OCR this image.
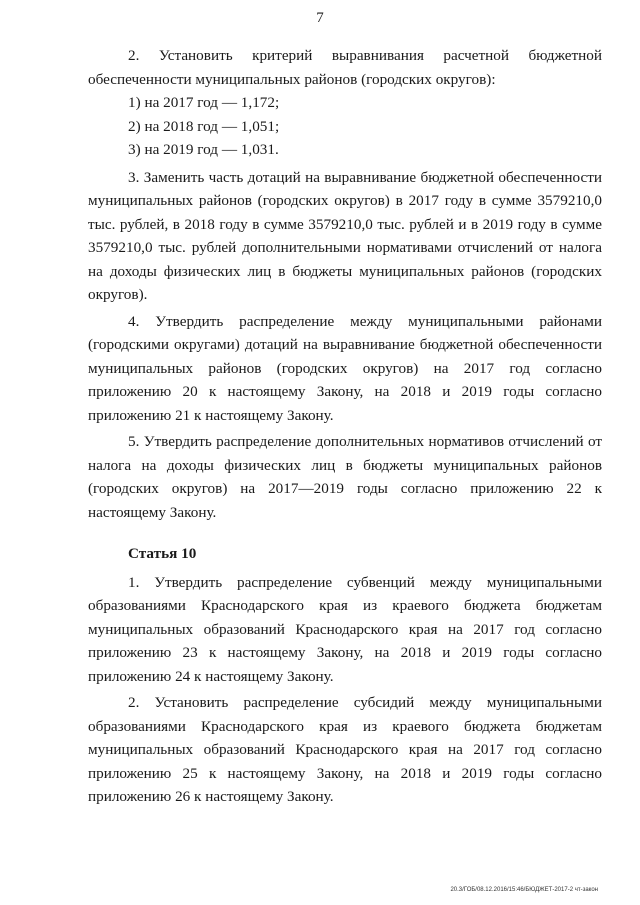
7

2. Установить критерий выравнивания расчетной бюджетной обеспеченности муниципальных районов (городских округов):

1) на 2017 год — 1,172;

2) на 2018 год — 1,051;

3) на 2019 год — 1,031.

3. Заменить часть дотаций на выравнивание бюджетной обеспеченности муниципальных районов (городских округов) в 2017 году в сумме 3579210,0 тыс. рублей, в 2018 году в сумме 3579210,0 тыс. рублей и в 2019 году в сумме 3579210,0 тыс. рублей дополнительными нормативами отчислений от налога на доходы физических лиц в бюджеты муниципальных районов (городских округов).

4. Утвердить распределение между муниципальными районами (городскими округами) дотаций на выравнивание бюджетной обеспеченности муниципальных районов (городских округов) на 2017 год согласно приложению 20 к настоящему Закону, на 2018 и 2019 годы согласно приложению 21 к настоящему Закону.

5. Утвердить распределение дополнительных нормативов отчислений от налога на доходы физических лиц в бюджеты муниципальных районов (городских округов) на 2017—2019 годы согласно приложению 22 к настоящему Закону.

Статья 10

1. Утвердить распределение субвенций между муниципальными образованиями Краснодарского края из краевого бюджета бюджетам муниципальных образований Краснодарского края на 2017 год согласно приложению 23 к настоящему Закону, на 2018 и 2019 годы согласно приложению 24 к настоящему Закону.

2. Установить распределение субсидий между муниципальными образованиями Краснодарского края из краевого бюджета бюджетам муниципальных образований Краснодарского края на 2017 год согласно приложению 25 к настоящему Закону, на 2018 и 2019 годы согласно приложению 26 к настоящему Закону.

20.3/ГОБ/08.12.2016/15:46/БЮДЖЕТ-2017-2 чт-закон
